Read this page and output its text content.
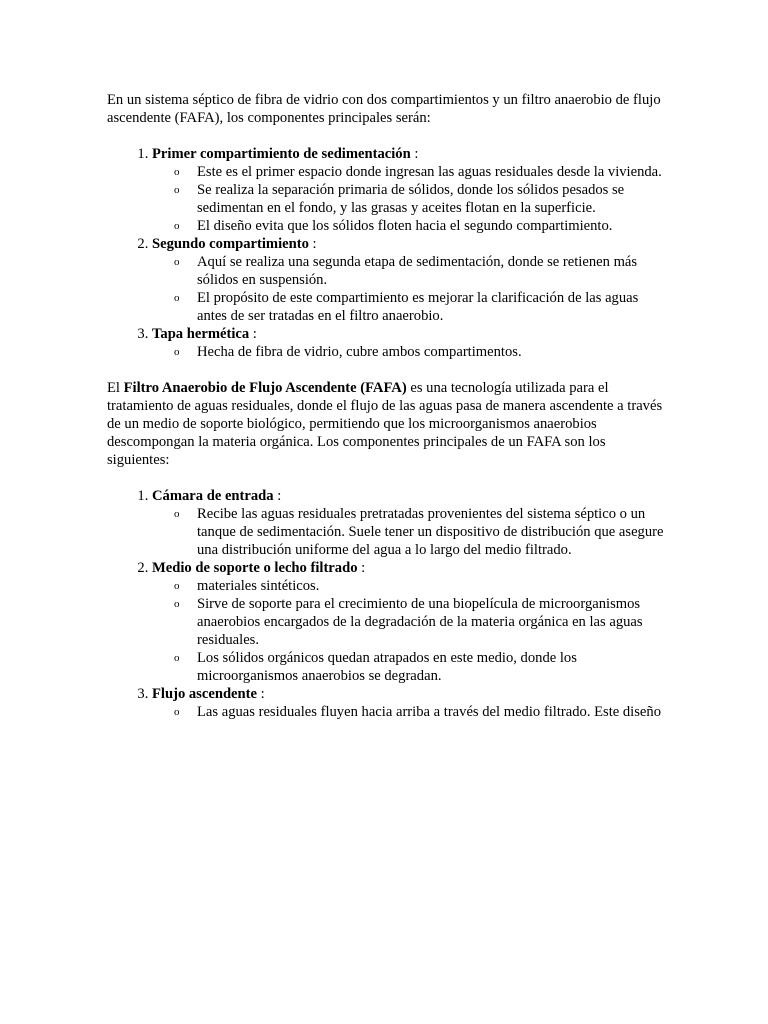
En un sistema séptico de fibra de vidrio con dos compartimientos y un filtro anaerobio de flujo ascendente (FAFA), los componentes principales serán:

1. Primer compartimiento de sedimentación :
o Este es el primer espacio donde ingresan las aguas residuales desde la vivienda.
o Se realiza la separación primaria de sólidos, donde los sólidos pesados se sedimentan en el fondo, y las grasas y aceites flotan en la superficie.
o El diseño evita que los sólidos floten hacia el segundo compartimiento.
2. Segundo compartimiento :
o Aquí se realiza una segunda etapa de sedimentación, donde se retienen más sólidos en suspensión.
o El propósito de este compartimiento es mejorar la clarificación de las aguas antes de ser tratadas en el filtro anaerobio.
3. Tapa hermética :
o Hecha de fibra de vidrio, cubre ambos compartimentos.

El Filtro Anaerobio de Flujo Ascendente (FAFA) es una tecnología utilizada para el tratamiento de aguas residuales, donde el flujo de las aguas pasa de manera ascendente a través de un medio de soporte biológico, permitiendo que los microorganismos anaerobios descompongan la materia orgánica. Los componentes principales de un FAFA son los siguientes:

1. Cámara de entrada :
o Recibe las aguas residuales pretratadas provenientes del sistema séptico o un tanque de sedimentación. Suele tener un dispositivo de distribución que asegure una distribución uniforme del agua a lo largo del medio filtrado.
2. Medio de soporte o lecho filtrado :
o materiales sintéticos.
o Sirve de soporte para el crecimiento de una biopelícula de microorganismos anaerobios encargados de la degradación de la materia orgánica en las aguas residuales.
o Los sólidos orgánicos quedan atrapados en este medio, donde los microorganismos anaerobios se degradan.
3. Flujo ascendente :
o Las aguas residuales fluyen hacia arriba a través del medio filtrado. Este diseño
